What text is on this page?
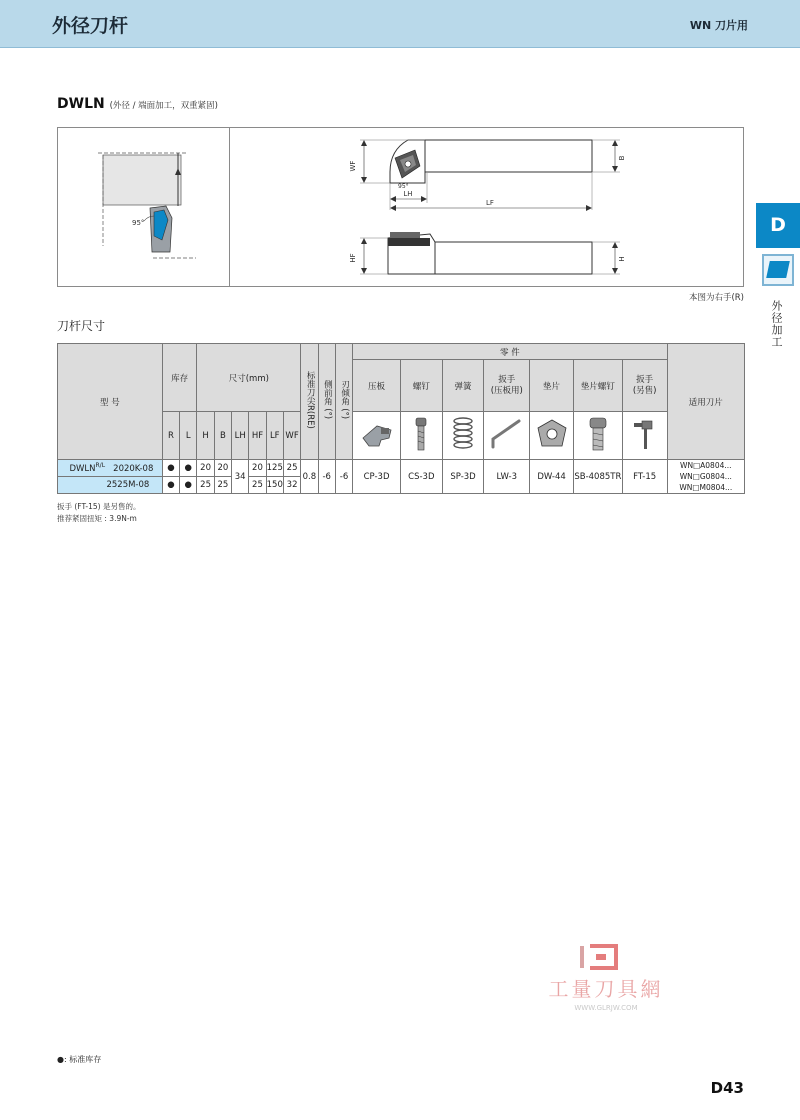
外径刀杆	WN 刀片用
DWLN (外径 / 端面加工，双重紧固)
95°
WF
B
LH
LF
95°
HF	H
本图为右手(R)
D
外径加工
刀杆尺寸
型 号	库存		尺寸(mm)						标准刀尖R(RE)	侧前角 (°)	刃倾角 (°)	零 件							适用刀片
												压板	螺钉	弹簧	扳手
(压板用)	垫片	垫片螺钉	扳手
(另售)	
	R	L	H	B	LH	HF	LF	WF							
$DWLN^{R/L}$ 2020K-08	●	●	20	20	34	20	125	25	0.8	-6	-6	CP-3D	CS-3D	SP-3D	LW-3	DW-44	SB-4085TR	FT-15	WN□A0804...
WN□G0804...
WN□M0804...

2525M-08	●	●	25	25		25	150	32											
扳手 (FT-15) 是另售的。
推荐紧固扭矩 : 3.9N-m
工量刀具網
WWW.GLRJW.COM
●: 标准库存
D43
